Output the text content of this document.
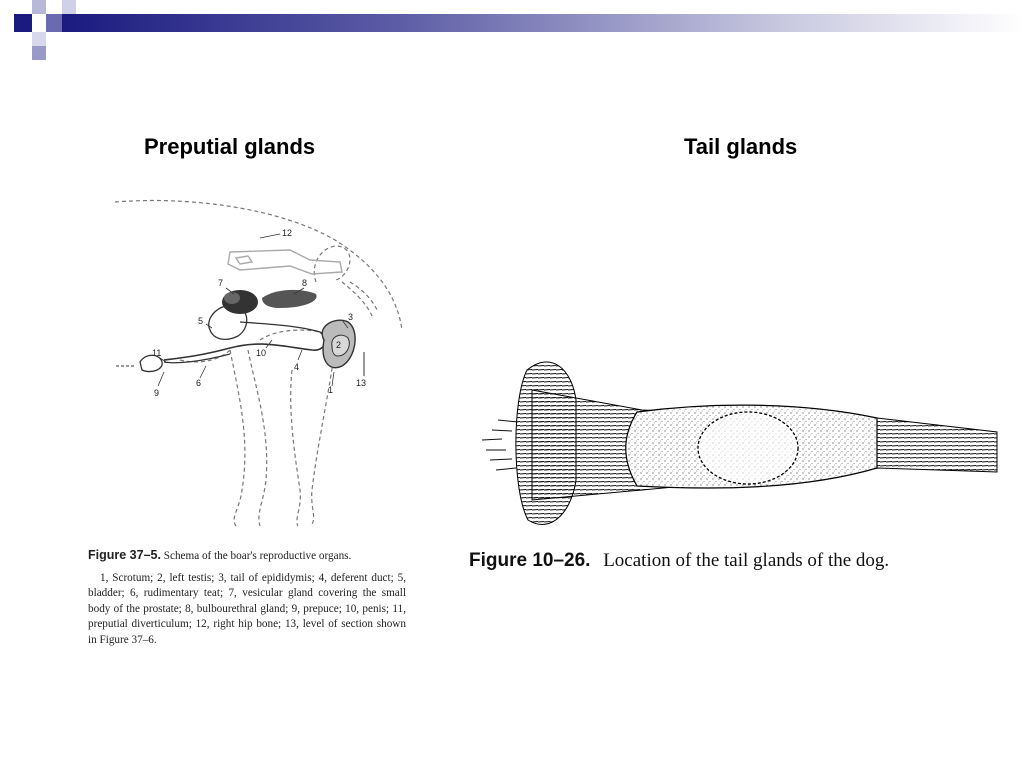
Preputial glands	Tail glands
1
2
3
4
5
6
7	8
9
10
11
12
13
Figure 37–5. Schema of the boar's reproductive organs.
1, Scrotum; 2, left testis; 3, tail of epididymis; 4, deferent duct; 5, bladder; 6, rudimentary teat; 7, vesicular gland covering the small body of the prostate; 8, bulbourethral gland; 9, prepuce; 10, penis; 11, preputial diverticulum; 12, right hip bone; 13, level of section shown in Figure 37–6.
Figure 10–26. Location of the tail glands of the dog.
